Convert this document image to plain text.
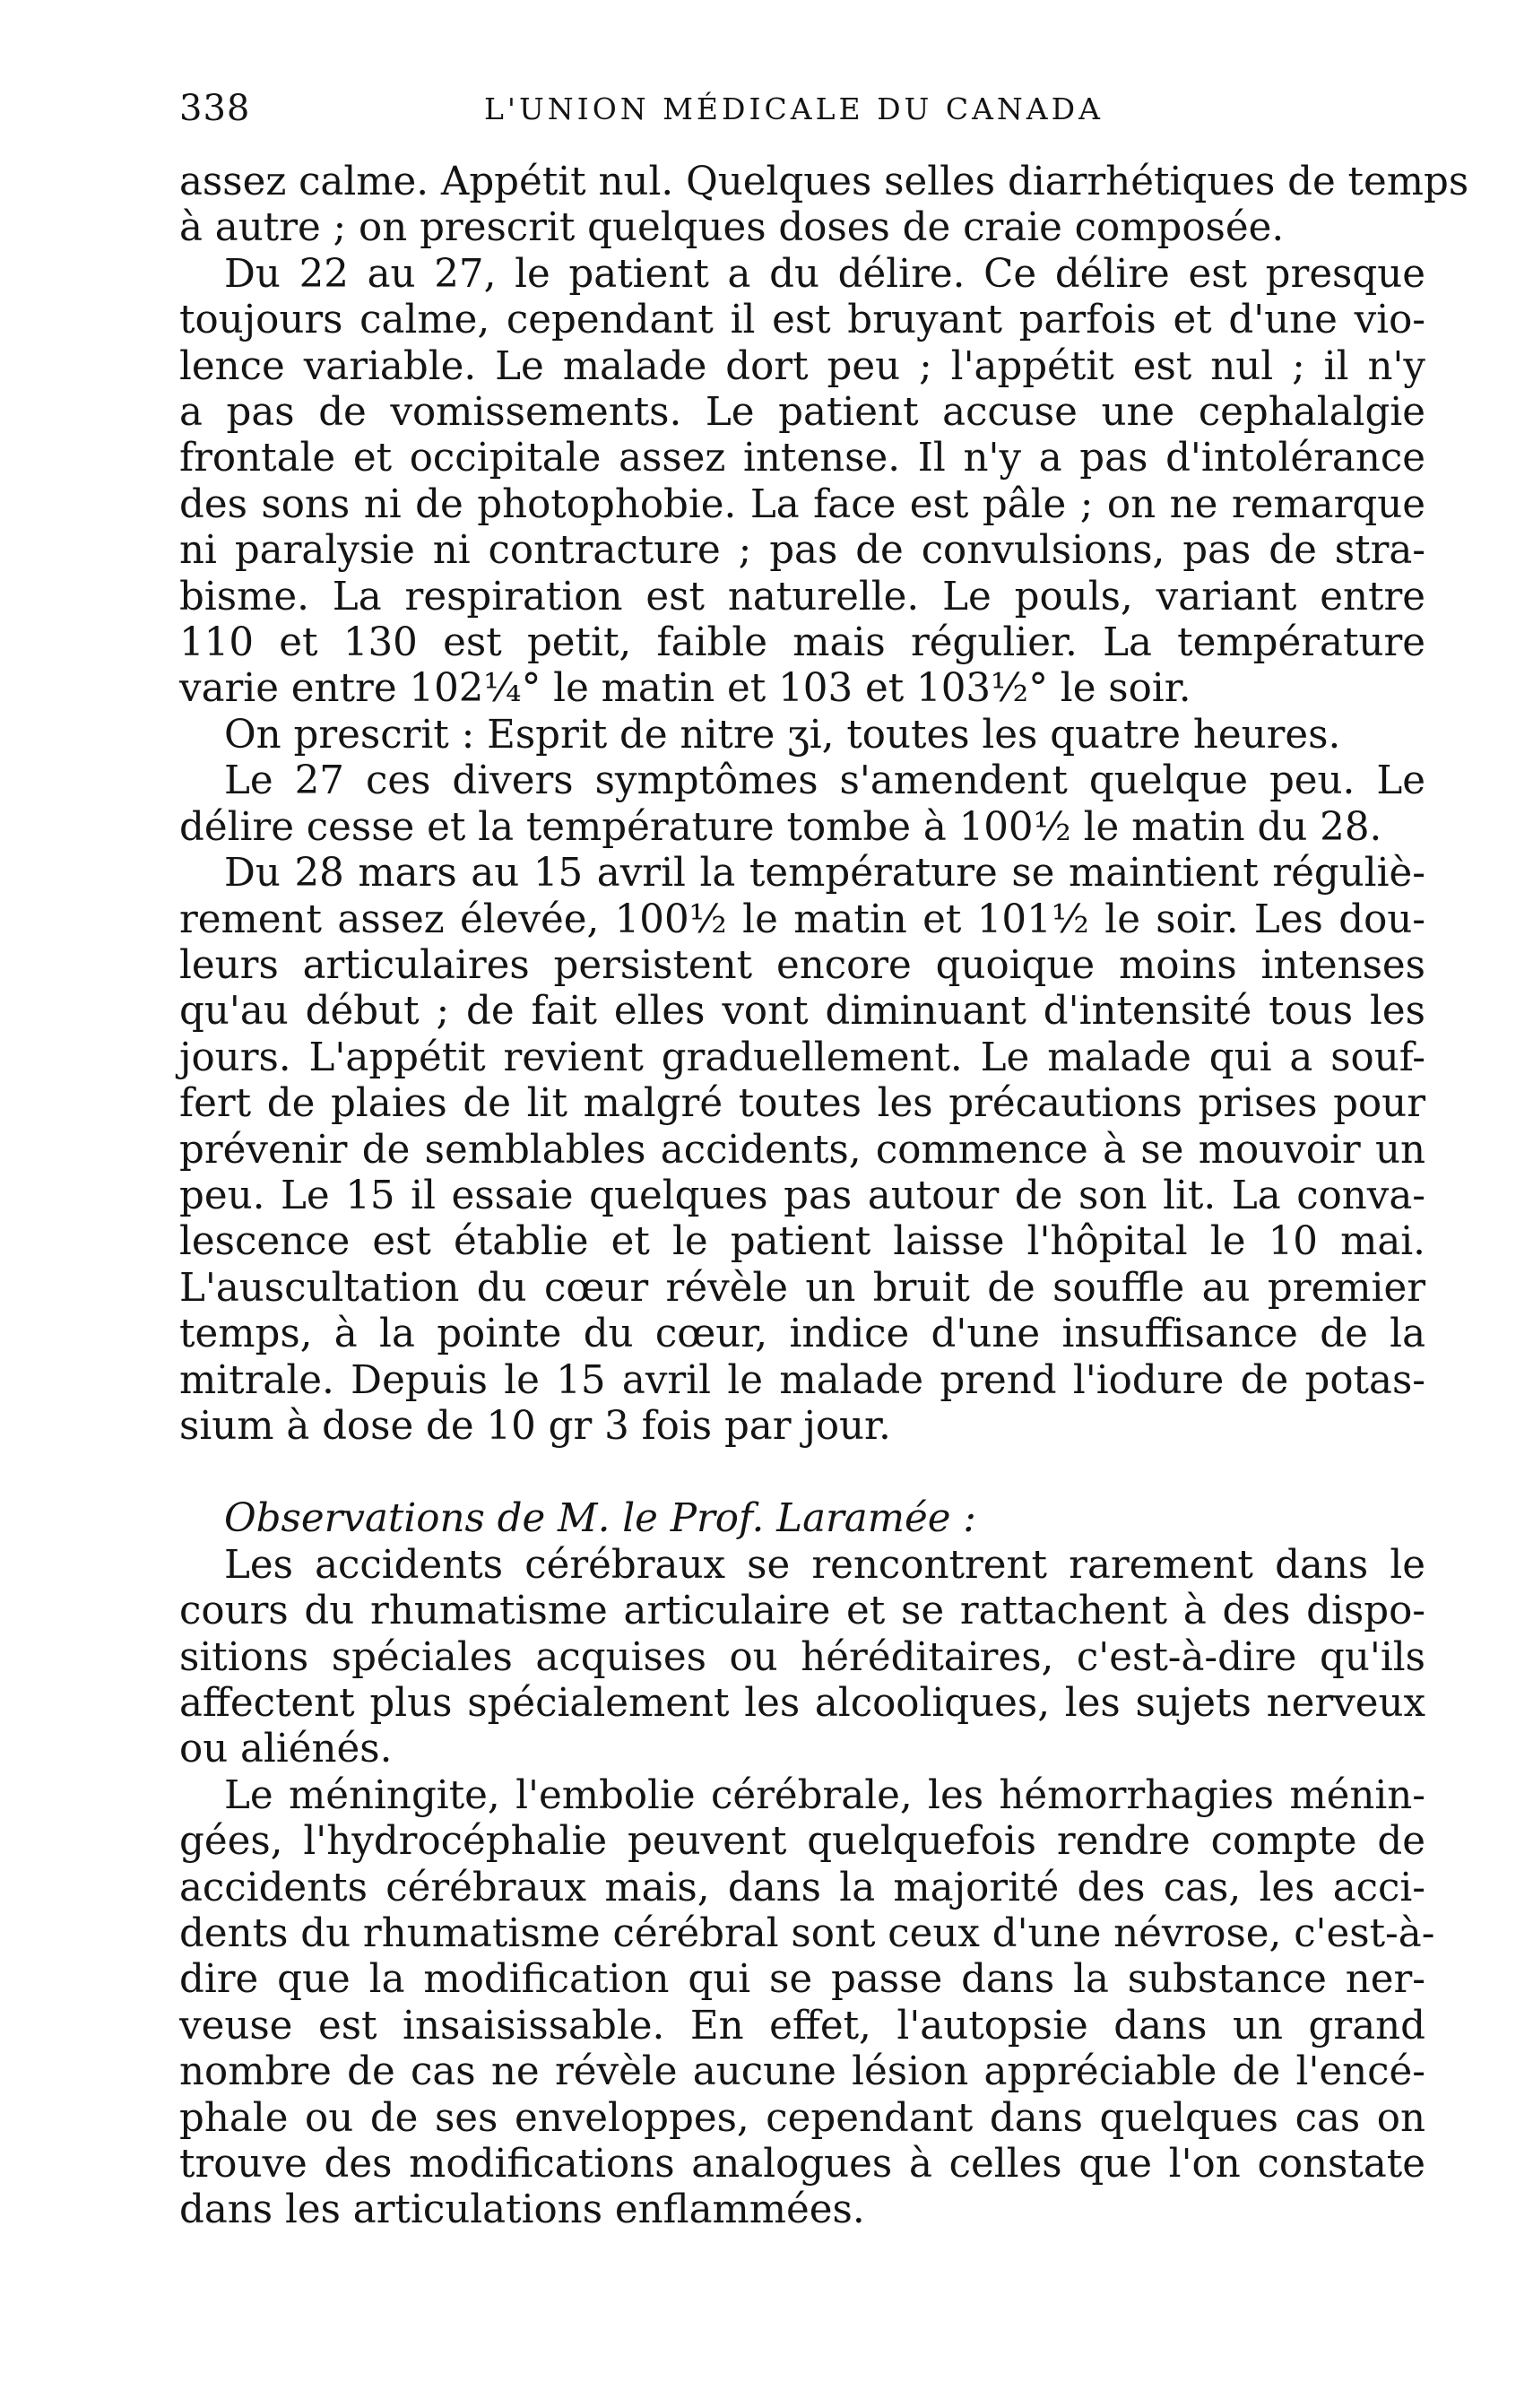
338	L'UNION MÉDICALE DU CANADA

assez calme. Appétit nul. Quelques selles diarrhétiques de temps
à autre ; on prescrit quelques doses de craie composée.

Du 22 au 27, le patient a du délire. Ce délire est presque
toujours calme, cependant il est bruyant parfois et d'une vio-
lence variable. Le malade dort peu ; l'appétit est nul ; il n'y
a pas de vomissements. Le patient accuse une cephalalgie
frontale et occipitale assez intense. Il n'y a pas d'intolérance
des sons ni de photophobie. La face est pâle ; on ne remarque
ni paralysie ni contracture ; pas de convulsions, pas de stra-
bisme. La respiration est naturelle. Le pouls, variant entre
110 et 130 est petit, faible mais régulier. La température
varie entre 102¼° le matin et 103 et 103½° le soir.

On prescrit : Esprit de nitre ʒi, toutes les quatre heures.

Le 27 ces divers symptômes s'amendent quelque peu. Le
délire cesse et la température tombe à 100½ le matin du 28.

Du 28 mars au 15 avril la température se maintient réguliè-
rement assez élevée, 100½ le matin et 101½ le soir. Les dou-
leurs articulaires persistent encore quoique moins intenses
qu'au début ; de fait elles vont diminuant d'intensité tous les
jours. L'appétit revient graduellement. Le malade qui a souf-
fert de plaies de lit malgré toutes les précautions prises pour
prévenir de semblables accidents, commence à se mouvoir un
peu. Le 15 il essaie quelques pas autour de son lit. La conva-
lescence est établie et le patient laisse l'hôpital le 10 mai.
L'auscultation du cœur révèle un bruit de souffle au premier
temps, à la pointe du cœur, indice d'une insuffisance de la
mitrale. Depuis le 15 avril le malade prend l'iodure de potas-
sium à dose de 10 gr 3 fois par jour.

Observations de M. le Prof. Laramée :

Les accidents cérébraux se rencontrent rarement dans le
cours du rhumatisme articulaire et se rattachent à des dispo-
sitions spéciales acquises ou héréditaires, c'est-à-dire qu'ils
affectent plus spécialement les alcooliques, les sujets nerveux
ou aliénés.

Le méningite, l'embolie cérébrale, les hémorrhagies ménin-
gées, l'hydrocéphalie peuvent quelquefois rendre compte de
accidents cérébraux mais, dans la majorité des cas, les acci-
dents du rhumatisme cérébral sont ceux d'une névrose, c'est-à-
dire que la modification qui se passe dans la substance ner-
veuse est insaisissable. En effet, l'autopsie dans un grand
nombre de cas ne révèle aucune lésion appréciable de l'encé-
phale ou de ses enveloppes, cependant dans quelques cas on
trouve des modifications analogues à celles que l'on constate
dans les articulations enflammées.
